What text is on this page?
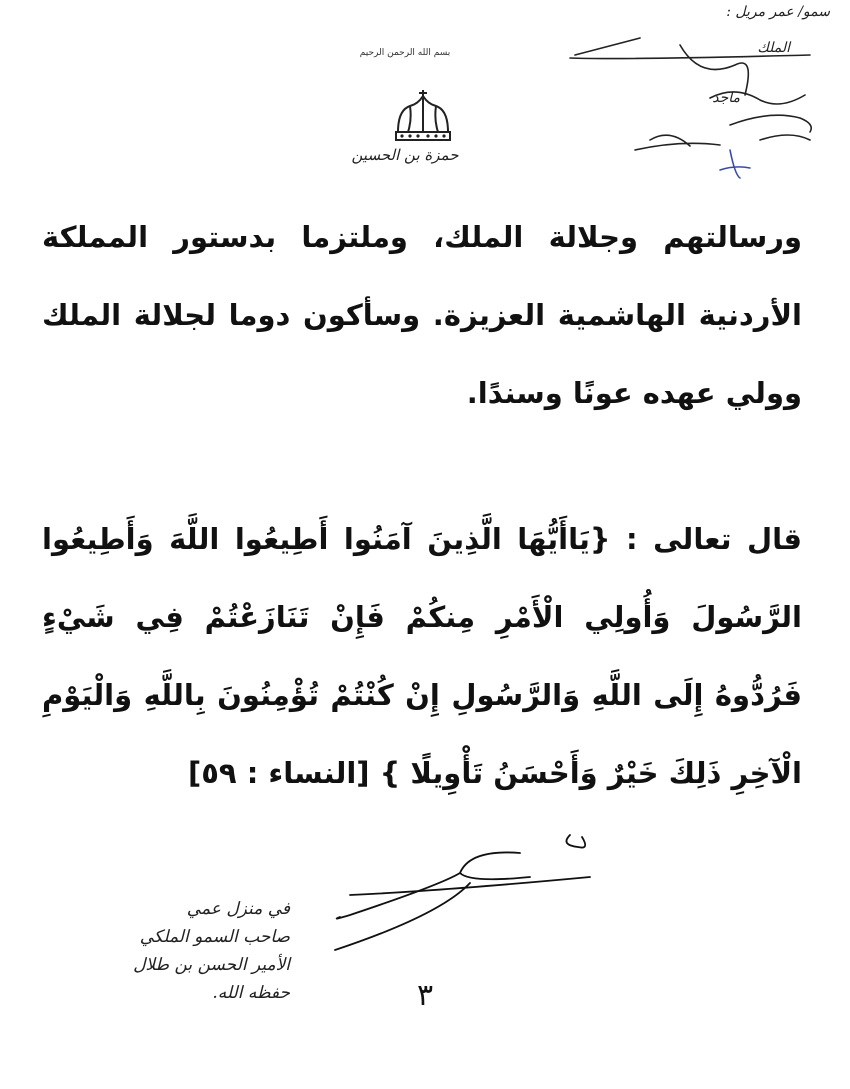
بسم الله الرحمن الرحيم
حمزة بن الحسين
سمو/ عمر مريل :
الملك
ماجد
ورسالتهم وجلالة الملك، وملتزما بدستور المملكة الأردنية الهاشمية العزيزة. وسأكون دوما لجلالة الملك وولي عهده عونًا وسندًا.
قال تعالى : {يَاأَيُّهَا الَّذِينَ آمَنُوا أَطِيعُوا اللَّهَ وَأَطِيعُوا الرَّسُولَ وَأُولِي الْأَمْرِ مِنكُمْ فَإِنْ تَنَازَعْتُمْ فِي شَيْءٍ فَرُدُّوهُ إِلَى اللَّهِ وَالرَّسُولِ إِنْ كُنْتُمْ تُؤْمِنُونَ بِاللَّهِ وَالْيَوْمِ الْآخِرِ ذَلِكَ خَيْرٌ وَأَحْسَنُ تَأْوِيلًا } [النساء : ٥٩]
في منزل عمي
صاحب السمو الملكي
الأمير الحسن بن طلال
حفظه الله.	٣
